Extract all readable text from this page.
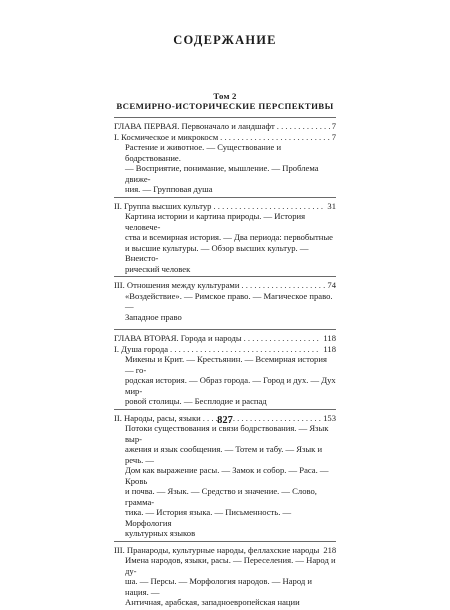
СОДЕРЖАНИЕ
Том 2
ВСЕМИРНО-ИСТОРИЧЕСКИЕ ПЕРСПЕКТИВЫ
ГЛАВА ПЕРВАЯ. Первоначало и ландшафт . . .	7
I. Космическое и микрокосм . . .	7
Растение и животное. — Существование и бодрствование.
— Восприятие, понимание, мышление. — Проблема движе-
ния. — Групповая душа
II. Группа высших культур . . .	31
Картина истории и картина природы. — История человече-
ства и всемирная история. — Два периода: первобытные
и высшие культуры. — Обзор высших культур. — Внеисто-
рический человек
III. Отношения между культурами . . .	74
«Воздействие». — Римское право. — Магическое право. —
Западное право
ГЛАВА ВТОРАЯ. Города и народы . . .	118
I. Душа города . . .	118
Микены и Крит. — Крестьянин. — Всемирная история — го-
родская история. — Образ города. — Город и дух. — Дух мир-
ровой столицы. — Бесплодие и распад
II. Народы, расы, языки . . .	153
Потоки существования и связи бодрствования. — Язык выр-
ажения и язык сообщения. — Тотем и табу. — Язык и речь. —
Дом как выражение расы. — Замок и собор. — Раса. — Кровь
и почва. — Язык. — Средство и значение. — Слово, грамма-
тика. — История языка. — Письменность. — Морфология
культурных языков
III. Пранароды, культурные народы, феллахские народы 218
Имена народов, языки, расы. — Переселения. — Народ и ду-
ша. — Персы. — Морфология народов. — Народ и нация. —
Античная, арабская, западноевропейская нации
827
